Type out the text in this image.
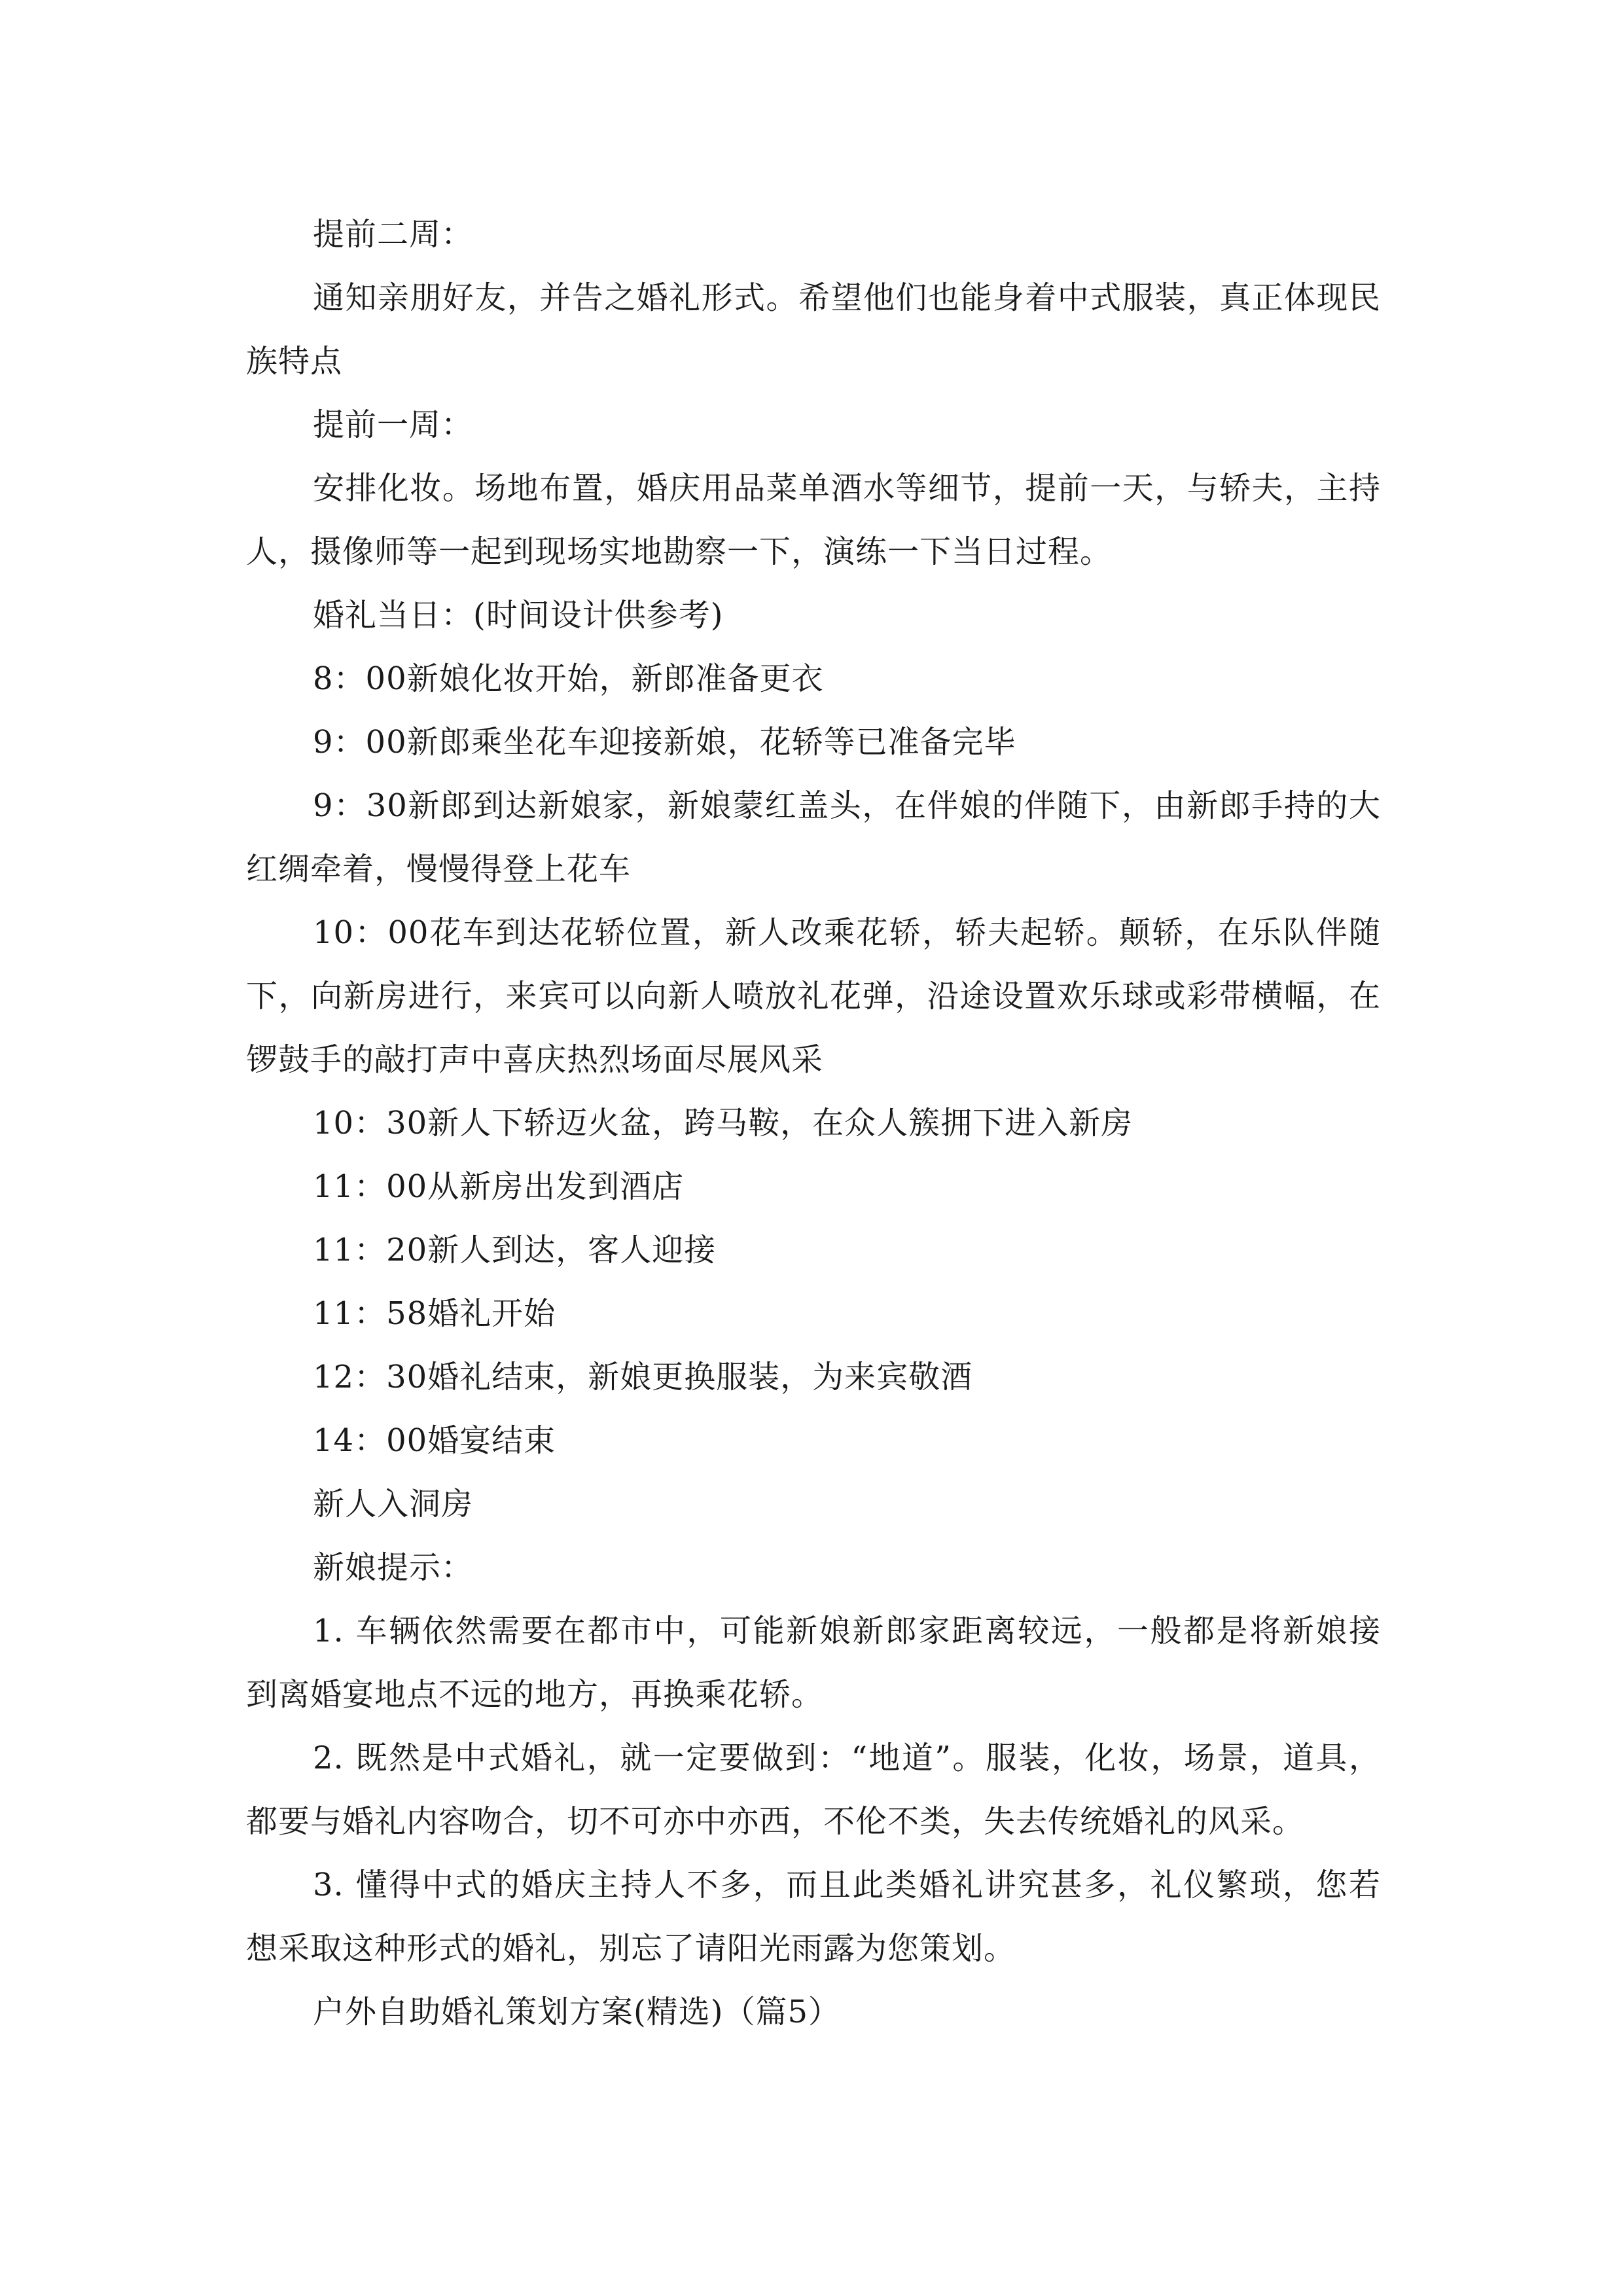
提前二周：

通知亲朋好友，并告之婚礼形式。希望他们也能身着中式服装，真正体现民族特点

提前一周：

安排化妆。场地布置，婚庆用品菜单酒水等细节，提前一天，与轿夫，主持人，摄像师等一起到现场实地勘察一下，演练一下当日过程。

婚礼当日：(时间设计供参考)

8：00新娘化妆开始，新郎准备更衣

9：00新郎乘坐花车迎接新娘，花轿等已准备完毕

9：30新郎到达新娘家，新娘蒙红盖头，在伴娘的伴随下，由新郎手持的大红绸牵着，慢慢得登上花车

10：00花车到达花轿位置，新人改乘花轿，轿夫起轿。颠轿，在乐队伴随下，向新房进行，来宾可以向新人喷放礼花弹，沿途设置欢乐球或彩带横幅，在锣鼓手的敲打声中喜庆热烈场面尽展风采

10：30新人下轿迈火盆，跨马鞍，在众人簇拥下进入新房

11：00从新房出发到酒店

11：20新人到达，客人迎接

11：58婚礼开始

12：30婚礼结束，新娘更换服装，为来宾敬酒

14：00婚宴结束

新人入洞房

新娘提示：

1. 车辆依然需要在都市中，可能新娘新郎家距离较远，一般都是将新娘接到离婚宴地点不远的地方，再换乘花轿。

2. 既然是中式婚礼，就一定要做到：“地道”。服装，化妆，场景，道具，都要与婚礼内容吻合，切不可亦中亦西，不伦不类，失去传统婚礼的风采。

3. 懂得中式的婚庆主持人不多，而且此类婚礼讲究甚多，礼仪繁琐，您若想采取这种形式的婚礼，别忘了请阳光雨露为您策划。

户外自助婚礼策划方案(精选)（篇5）
